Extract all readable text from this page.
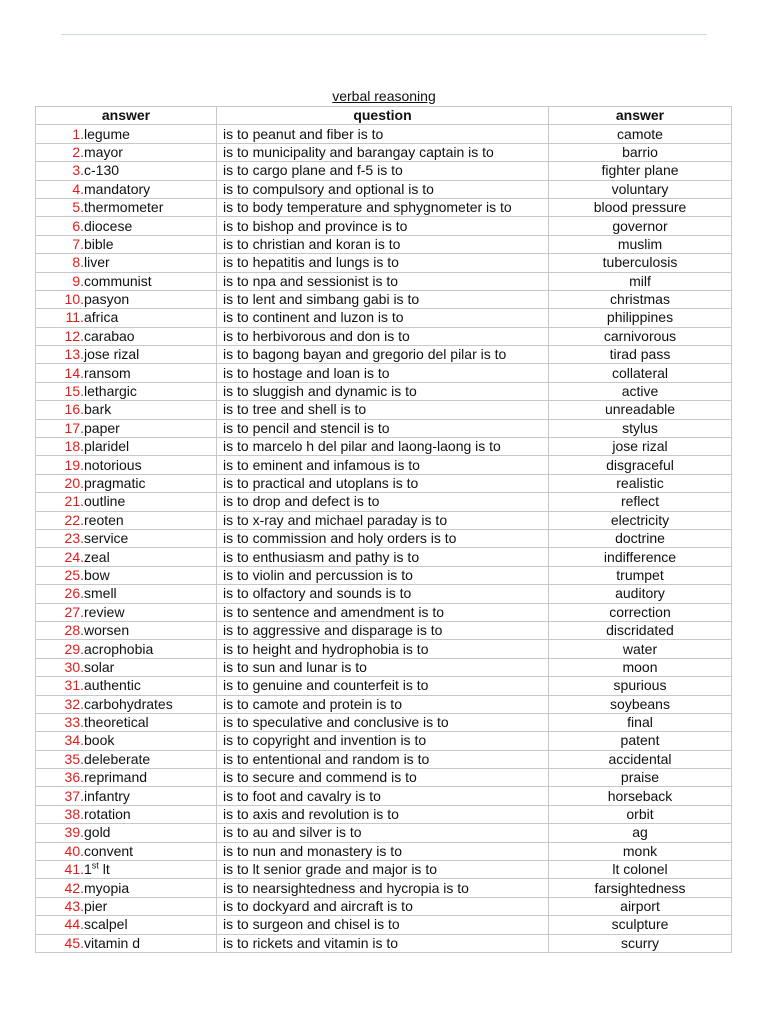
verbal reasoning
answer	question	answer
1.legume	is to peanut and fiber is to	camote
2.mayor	is to municipality and barangay captain is to	barrio
3.c-130	is to cargo plane and f-5 is to	fighter plane
4.mandatory	is to compulsory and optional is to	voluntary
5.thermometer	is to body temperature and sphygnometer is to	blood pressure
6.diocese	is to bishop and province is to	governor
7.bible	is to christian and koran is to	muslim
8.liver	is to hepatitis and lungs is to	tuberculosis
9.communist	is to npa and sessionist is to	milf
10.pasyon	is to lent and simbang gabi is to	christmas
11.africa	is to continent and luzon is to	philippines
12.carabao	is to herbivorous and don is to	carnivorous
13.jose rizal	is to bagong bayan and gregorio del pilar is to	tirad pass
14.ransom	is to hostage and loan is to	collateral
15.lethargic	is to sluggish and dynamic is to	active
16.bark	is to tree and shell is to	unreadable
17.paper	is to pencil and stencil is to	stylus
18.plaridel	is to marcelo h del pilar and laong-laong is to	jose rizal
19.notorious	is to eminent and infamous is to	disgraceful
20.pragmatic	is to practical and utoplans is to	realistic
21.outline	is to drop and defect is to	reflect
22.reoten	is to x-ray and michael paraday is to	electricity
23.service	is to commission and holy orders is to	doctrine
24.zeal	is to enthusiasm and pathy is to	indifference
25.bow	is to violin and percussion is to	trumpet
26.smell	is to olfactory and sounds is to	auditory
27.review	is to sentence and amendment is to	correction
28.worsen	is to aggressive and disparage is to	discridated
29.acrophobia	is to height and hydrophobia is to	water
30.solar	is to sun and lunar is to	moon
31.authentic	is to genuine and counterfeit is to	spurious
32.carbohydrates	is to camote and protein is to	soybeans
33.theoretical	is to speculative and conclusive is to	final
34.book	is to copyright and invention is to	patent
35.deleberate	is to ententional and random is to	accidental
36.reprimand	is to secure and commend is to	praise
37.infantry	is to foot and cavalry is to	horseback
38.rotation	is to axis and revolution is to	orbit
39.gold	is to au and silver is to	ag
40.convent	is to nun and monastery is to	monk
41.1st lt	is to lt senior grade and major is to	lt colonel
42.myopia	is to nearsightedness and hycropia is to	farsightedness
43.pier	is to dockyard and aircraft is to	airport
44.scalpel	is to surgeon and chisel is to	sculpture
45.vitamin d	is to rickets and vitamin is to	scurry
